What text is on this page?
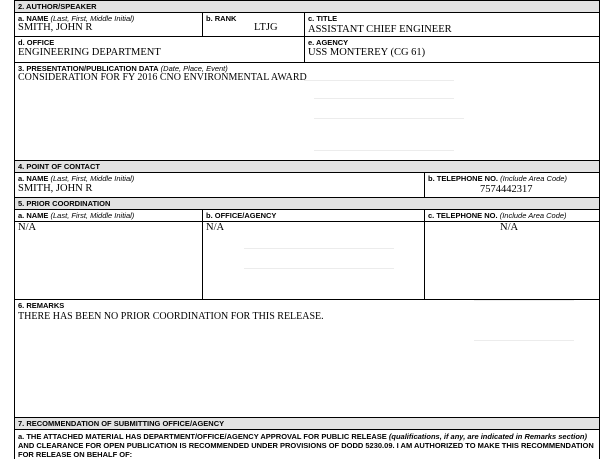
2. AUTHOR/SPEAKER
a. NAME (Last, First, Middle Initial)
SMITH, JOHN R
b. RANK
LTJG
c. TITLE
ASSISTANT CHIEF ENGINEER
d. OFFICE
ENGINEERING DEPARTMENT
e. AGENCY
USS MONTEREY (CG 61)
3. PRESENTATION/PUBLICATION DATA (Date, Place, Event)
CONSIDERATION FOR FY 2016 CNO ENVIRONMENTAL AWARD
4. POINT OF CONTACT
a. NAME (Last, First, Middle Initial)
SMITH, JOHN R
b. TELEPHONE NO. (Include Area Code)
7574442317
5. PRIOR COORDINATION
a. NAME (Last, First, Middle Initial)
N/A
b. OFFICE/AGENCY
N/A
c. TELEPHONE NO. (Include Area Code)
N/A
6. REMARKS
THERE HAS BEEN NO PRIOR COORDINATION FOR THIS RELEASE.
7. RECOMMENDATION OF SUBMITTING OFFICE/AGENCY
a. THE ATTACHED MATERIAL HAS DEPARTMENT/OFFICE/AGENCY APPROVAL FOR PUBLIC RELEASE (qualifications, if any, are indicated in Remarks section) AND CLEARANCE FOR OPEN PUBLICATION IS RECOMMENDED UNDER PROVISIONS OF DODD 5230.09. I AM AUTHORIZED TO MAKE THIS RECOMMENDATION FOR RELEASE ON BEHALF OF:
